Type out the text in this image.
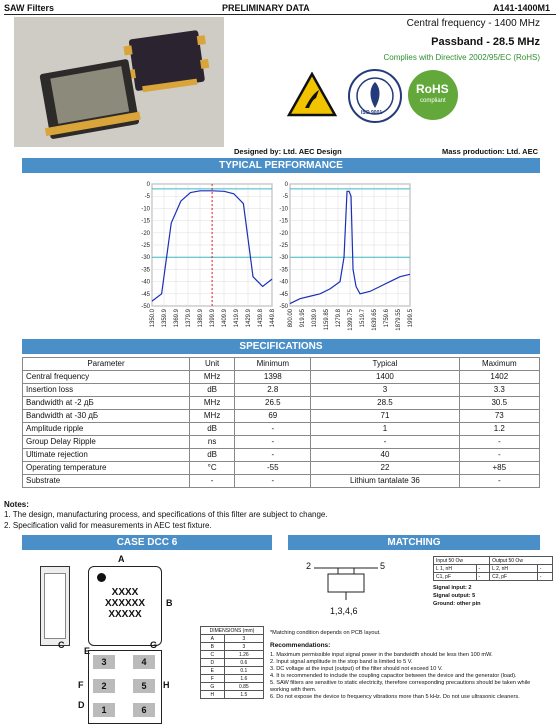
SAW Filters	PRELIMINARY DATA	A141-1400M1
Central frequency - 1400 MHz
Passband - 28.5 MHz
Complies with Directive 2002/95/EC (RoHS)
ISO 9001
RoHS
compliant
Designed by: Ltd. AEC Design	Mass production: Ltd. AEC
TYPICAL PERFORMANCE
0
-5
-10
-15
-20
-25
-30
-35
-40
-45
-50
1350.0 1359.9 1369.9 1379.9 1389.9 1399.9 1409.9 1419.9 1429.9 1439.8 1449.8
0
-5
-10
-15
-20
-25
-30
-35
-40
-45
-50
800.00 919.95 1039.9 1159.85 1279.8 1399.75 1519.7 1639.65 1759.6 1879.55 1999.5
SPECIFICATIONS
Parameter	Unit	Minimum	Typical	Maximum
Central frequency	MHz	1398	1400	1402
Insertion loss	dB	2.8	3	3.3
Bandwidth at -2 дБ	MHz	26.5	28.5	30.5
Bandwidth at -30 дБ	MHz	69	71	73
Amplitude ripple	dB	-	1	1.2
Group Delay Ripple	ns	-	-	-
Ultimate rejection	dB	-	40	-
Operating temperature	°C	-55	22	+85
Substrate	-	-	Lithium tantalate 36	-
Notes:
1. The design, manufacturing process, and specifications of this filter are subject to change.
2. Specification valid for measurements in AEC test fixture.
CASE DCC 6	MATCHING
XXXX
XXXXXX
XXXXX
A
B
C
E
G
H
F
D
3	4
2	5
1	6
DIMENSIONS (mm)	
A	3
B	3
C	1.26
D	0.6
E	0.1
F	1.6
G	0.85
H	1.5
2	5
1,3,4,6
Input 50 Ow		Output 50 Ow	
L 1, nH	-	L 2, nH	-
C1, pF	-	C2, pF	-
Signal input: 2
Signal output: 5
Ground: other pin
*Matching condition depends on PCB layout.
Recommendations:
1. Maximum permissible input signal power in the bandwidth should be less then 100 mW.
2. Input signal amplitude in the stop band is limited to 5 V.
3. DC voltage at the input (output) of the filter should not exceed 10 V.
4. It is recommended to include the coupling capacitor between the device and the generator (load).
5. SAW filters are sensitive to static electricity, therefore corresponding precautions should be taken while working with them.
6. Do not expose the device to frequency vibrations more than 5 kHz. Do not use ultrasonic cleaners.
